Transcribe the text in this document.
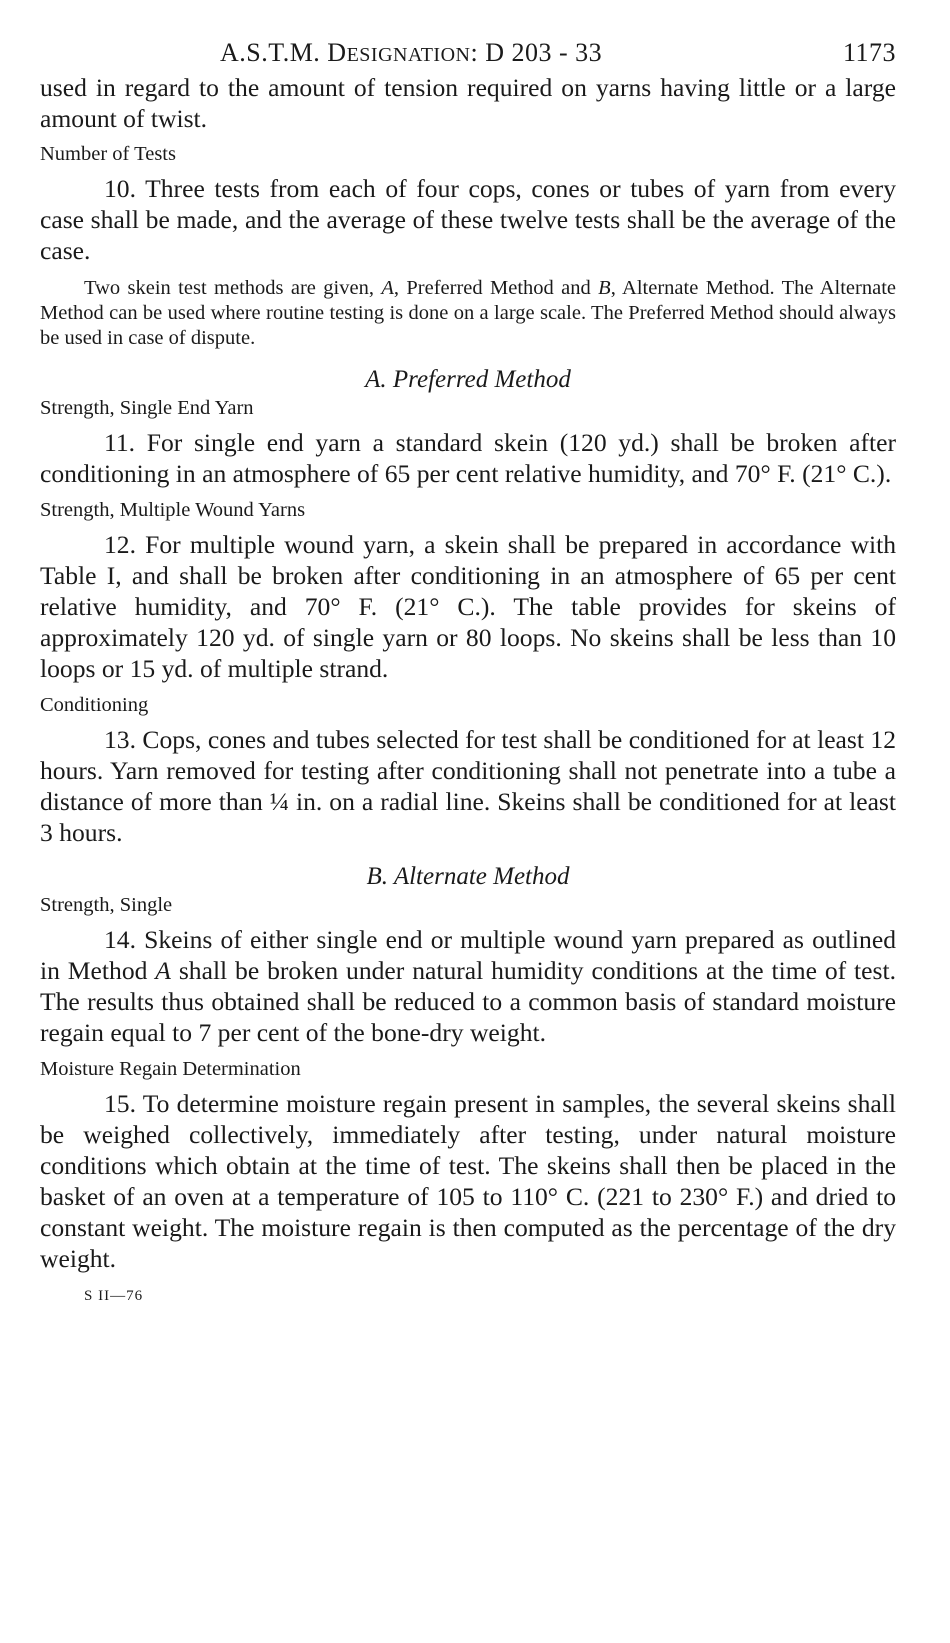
A.S.T.M. DESIGNATION: D 203 - 33	1173

used in regard to the amount of tension required on yarns having little or a large amount of twist.

Number of Tests

10. Three tests from each of four cops, cones or tubes of yarn from every case shall be made, and the average of these twelve tests shall be the average of the case.

Two skein test methods are given, A, Preferred Method and B, Alternate Method. The Alternate Method can be used where routine testing is done on a large scale. The Preferred Method should always be used in case of dispute.

A. Preferred Method

Strength, Single End Yarn

11. For single end yarn a standard skein (120 yd.) shall be broken after conditioning in an atmosphere of 65 per cent relative humidity, and 70° F. (21° C.).

Strength, Multiple Wound Yarns

12. For multiple wound yarn, a skein shall be prepared in accordance with Table I, and shall be broken after conditioning in an atmosphere of 65 per cent relative humidity, and 70° F. (21° C.). The table provides for skeins of approximately 120 yd. of single yarn or 80 loops. No skeins shall be less than 10 loops or 15 yd. of multiple strand.

Conditioning

13. Cops, cones and tubes selected for test shall be conditioned for at least 12 hours. Yarn removed for testing after conditioning shall not penetrate into a tube a distance of more than ¼ in. on a radial line. Skeins shall be conditioned for at least 3 hours.

B. Alternate Method

Strength, Single

14. Skeins of either single end or multiple wound yarn prepared as outlined in Method A shall be broken under natural humidity conditions at the time of test. The results thus obtained shall be reduced to a common basis of standard moisture regain equal to 7 per cent of the bone-dry weight.

Moisture Regain Determination

15. To determine moisture regain present in samples, the several skeins shall be weighed collectively, immediately after testing, under natural moisture conditions which obtain at the time of test. The skeins shall then be placed in the basket of an oven at a temperature of 105 to 110° C. (221 to 230° F.) and dried to constant weight. The moisture regain is then computed as the percentage of the dry weight.

S II—76
